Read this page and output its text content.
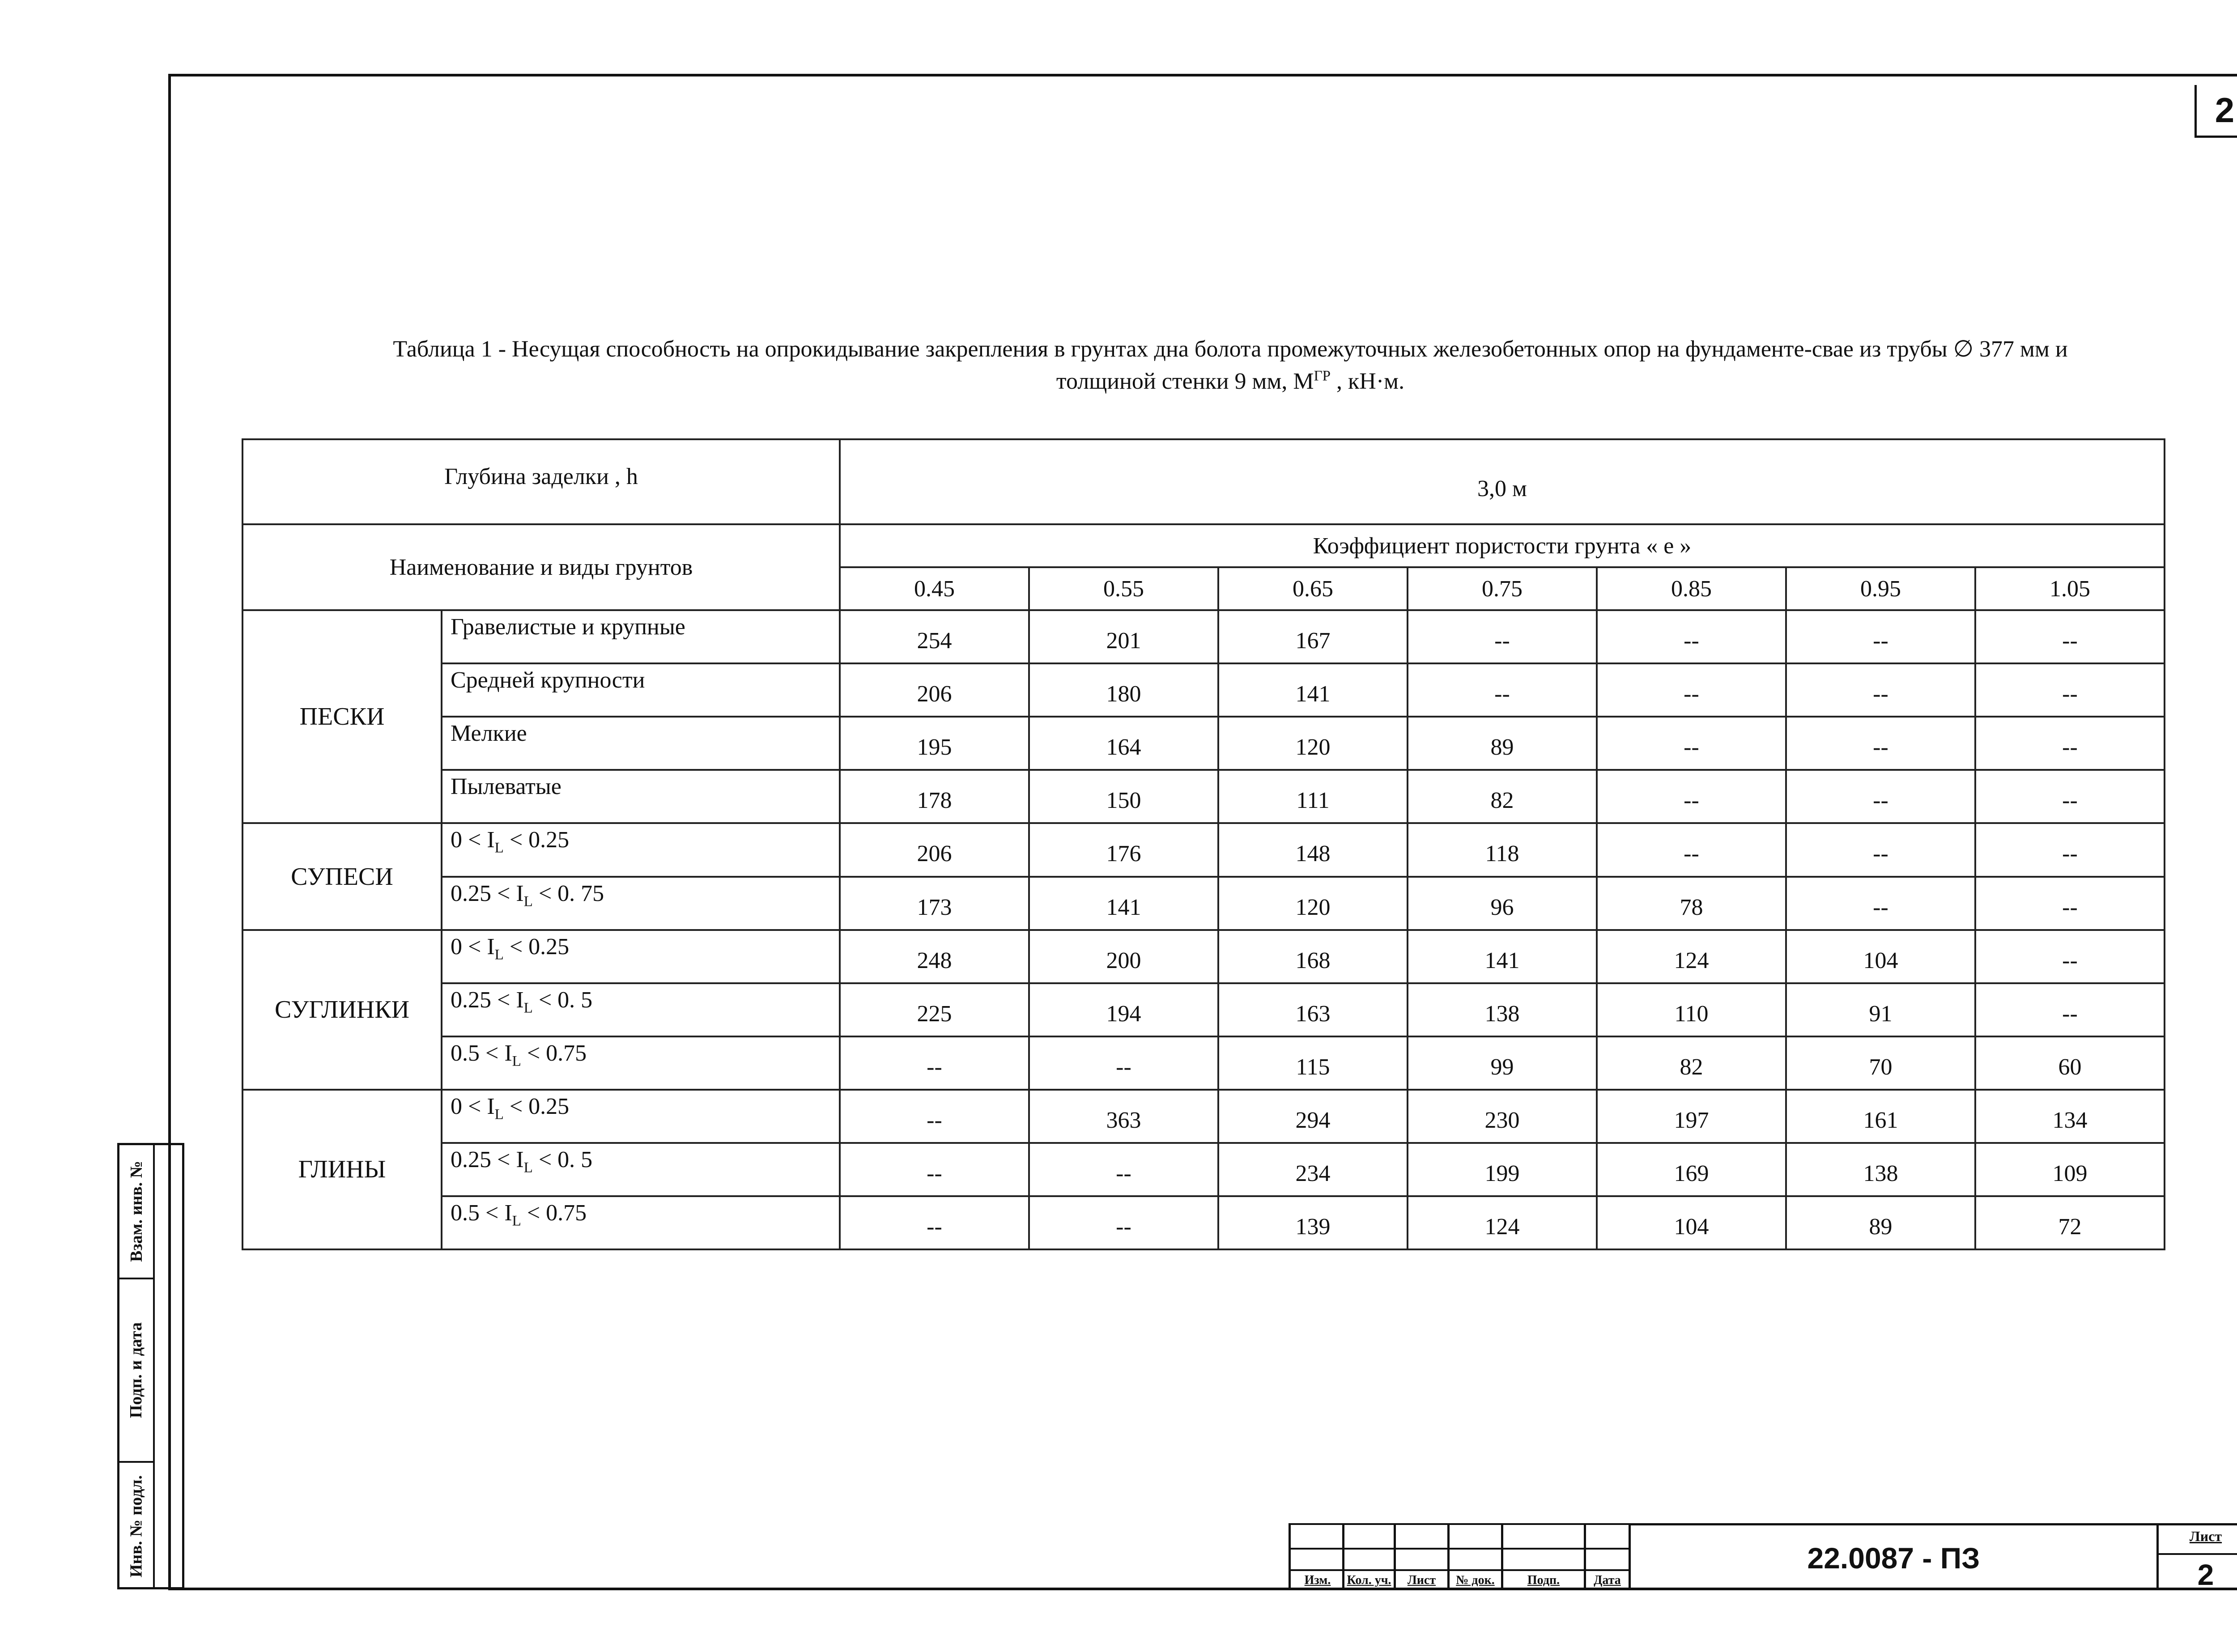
2
Таблица 1 - Несущая способность на опрокидывание закрепления в грунтах дна болота промежуточных железобетонных опор на фундаменте-свае из трубы ∅ 377 мм и
толщиной стенки 9 мм, $М^{ГР}$ , кН·м.
Глубина заделки , h		3,0 м						
Наименование и виды грунтов		Коэффициент пористости грунта « е »						
		0.45	0.55	0.65	0.75	0.85	0.95	1.05
ПЕСКИ	Гравелистые и крупные	254	201	167	--	--	--	--
	Средней крупности	206	180	141	--	--	--	--
	Мелкие	195	164	120	89	--	--	--
	Пылеватые	178	150	111	82	--	--	--
СУПЕСИ	$0 < I_L < 0.25$	206	176	148	118	--	--	--
	$0.25 < I_L < 0$. 75	173	141	120	96	78	--	--
СУГЛИНКИ	$0 < I_L < 0.25$	248	200	168	141	124	104	--
	$0.25 < I_L < 0$. 5	225	194	163	138	110	91	--
	$0.5 < I_L < 0.75$	--	--	115	99	82	70	60
ГЛИНЫ	$0 < I_L < 0.25$	--	363	294	230	197	161	134
	$0.25 < I_L < 0$. 5	--	--	234	199	169	138	109
	$0.5 < I_L < 0.75$	--	--	139	124	104	89	72
Взам. инв. №
Подп. и дата
Инв. № подл.
Изм.	Кол. уч.	Лист	№ док.	Подп.	Дата
22.0087 - ПЗ
Лист
2
